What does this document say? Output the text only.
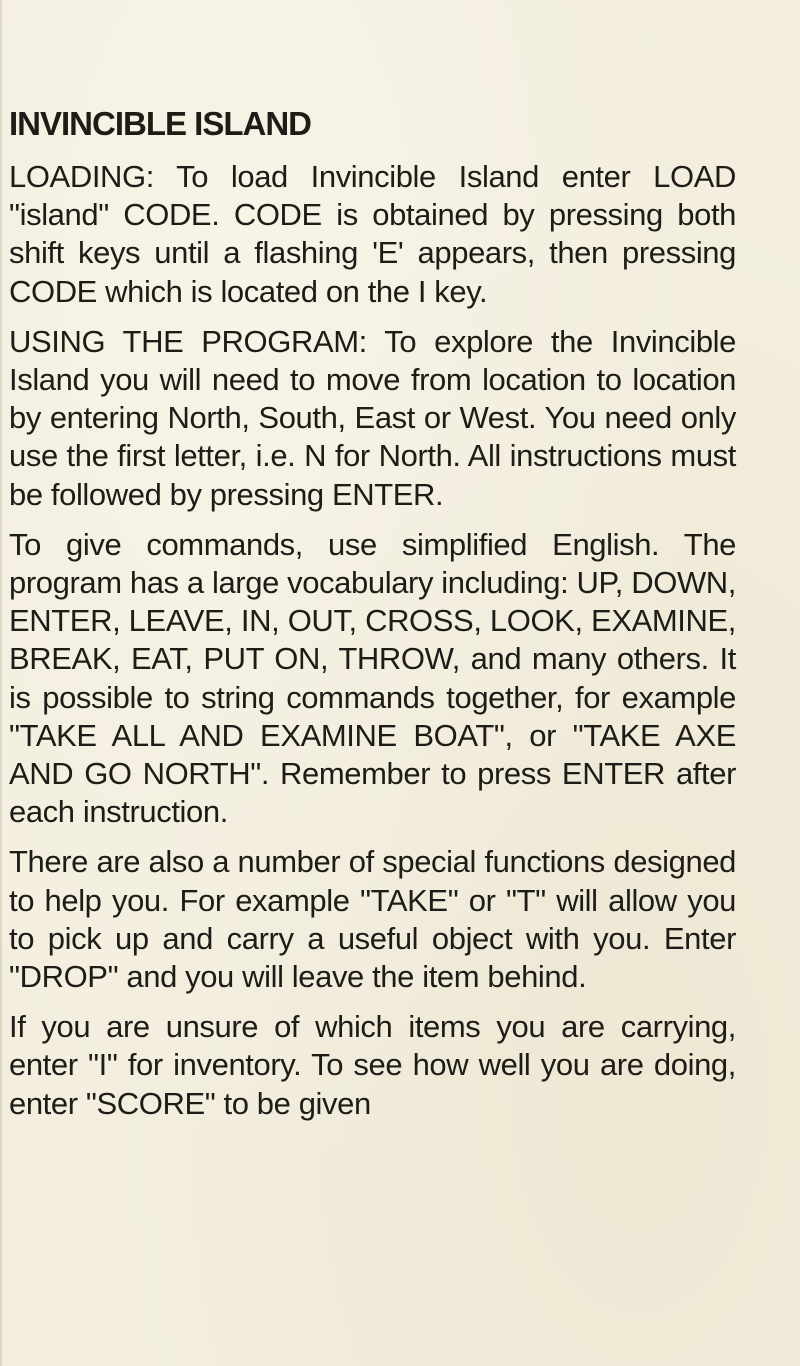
INVINCIBLE ISLAND

LOADING: To load Invincible Island enter LOAD "island" CODE. CODE is obtained by pressing both shift keys until a flashing 'E' appears, then pressing CODE which is located on the I key.

USING THE PROGRAM: To explore the Invincible Island you will need to move from location to location by entering North, South, East or West. You need only use the first letter, i.e. N for North. All instructions must be followed by pressing ENTER.

To give commands, use simplified English. The program has a large vocabulary including: UP, DOWN, ENTER, LEAVE, IN, OUT, CROSS, LOOK, EXAMINE, BREAK, EAT, PUT ON, THROW, and many others. It is possible to string commands together, for example "TAKE ALL AND EXAMINE BOAT", or "TAKE AXE AND GO NORTH". Remember to press ENTER after each instruction.

There are also a number of special functions designed to help you. For example "TAKE" or "T" will allow you to pick up and carry a useful object with you. Enter "DROP" and you will leave the item behind.

If you are unsure of which items you are carrying, enter "I" for inventory. To see how well you are doing, enter "SCORE" to be given
